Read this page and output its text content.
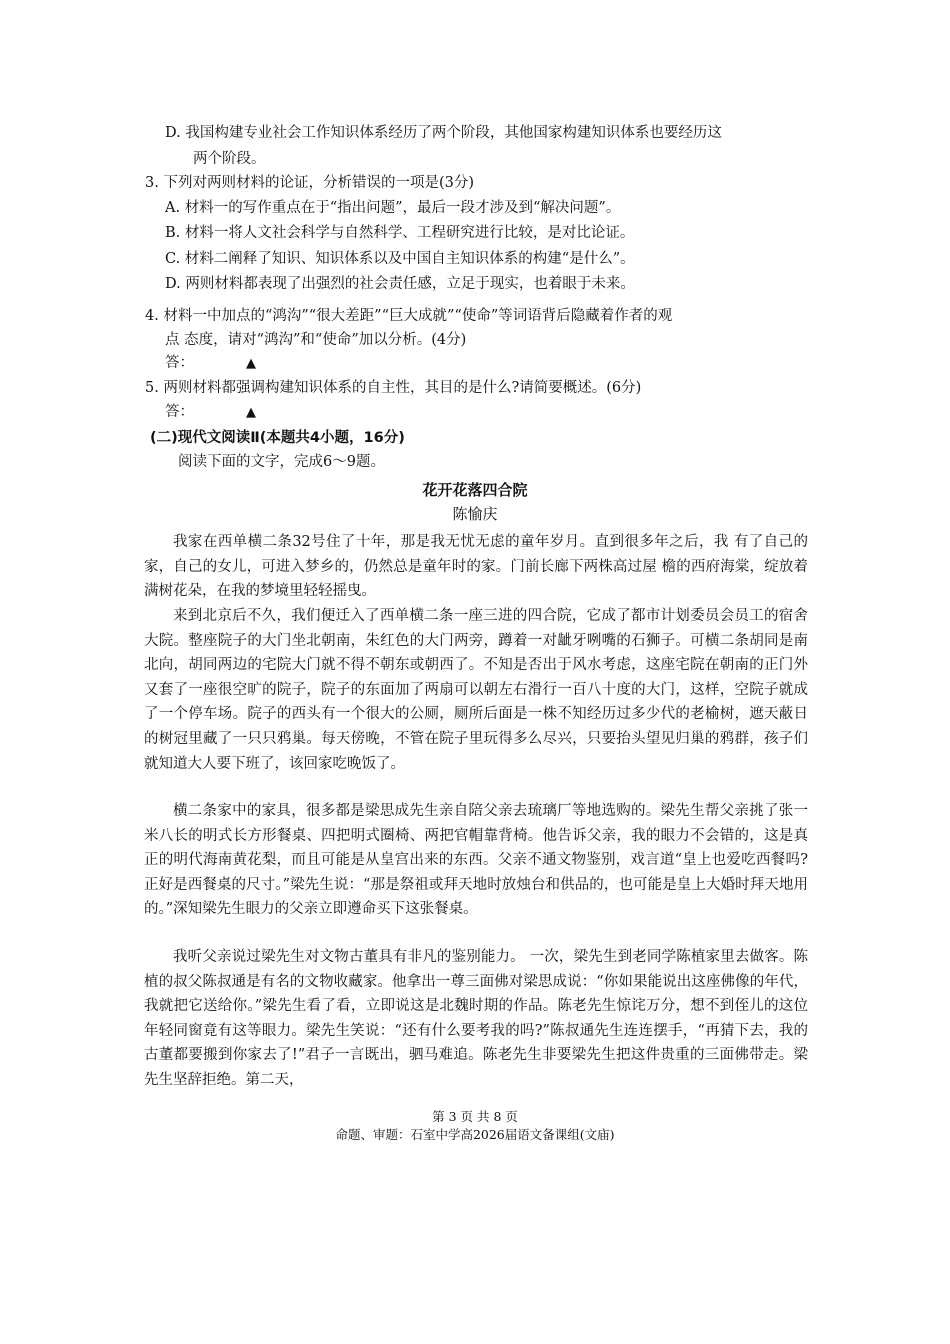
D. 我国构建专业社会工作知识体系经历了两个阶段，其他国家构建知识体系也要经历这
两个阶段。
3. 下列对两则材料的论证，分析错误的一项是(3分)
A. 材料一的写作重点在于“指出问题”，最后一段才涉及到“解决问题”。
B. 材料一将人文社会科学与自然科学、工程研究进行比较，是对比论证。
C. 材料二阐释了知识、知识体系以及中国自主知识体系的构建“是什么”。
D. 两则材料都表现了出强烈的社会责任感，立足于现实，也着眼于未来。
4. 材料一中加点的“鸿沟”“很大差距”“巨大成就”“使命”等词语背后隐藏着作者的观
点 态度，请对“鸿沟”和“使命”加以分析。(4分)
答：	▲
5. 两则材料都强调构建知识体系的自主性，其目的是什么?请简要概述。(6分)
答：	▲
(二)现代文阅读Ⅱ(本题共4小题，16分)
阅读下面的文字，完成6～9题。
花开花落四合院
陈愉庆
我家在西单横二条32号住了十年，那是我无忧无虑的童年岁月。直到很多年之后，我 有了自己的家，自己的女儿，可进入梦乡的，仍然总是童年时的家。门前长廊下两株高过屋 檐的西府海棠，绽放着满树花朵，在我的梦境里轻轻摇曳。
来到北京后不久，我们便迁入了西单横二条一座三进的四合院，它成了都市计划委员会员工的宿舍大院。整座院子的大门坐北朝南，朱红色的大门两旁，蹲着一对龇牙咧嘴的石狮子。可横二条胡同是南北向，胡同两边的宅院大门就不得不朝东或朝西了。不知是否出于风水考虑，这座宅院在朝南的正门外又套了一座很空旷的院子，院子的东面加了两扇可以朝左右滑行一百八十度的大门，这样，空院子就成了一个停车场。院子的西头有一个很大的公厕，厕所后面是一株不知经历过多少代的老榆树，遮天蔽日的树冠里藏了一只只鸦巢。每天傍晚，不管在院子里玩得多么尽兴，只要抬头望见归巢的鸦群，孩子们就知道大人要下班了，该回家吃晚饭了。
横二条家中的家具，很多都是梁思成先生亲自陪父亲去琉璃厂等地选购的。梁先生帮父亲挑了张一米八长的明式长方形餐桌、四把明式圈椅、两把官帽靠背椅。他告诉父亲，我的眼力不会错的，这是真正的明代海南黄花梨，而且可能是从皇宫出来的东西。父亲不通文物鉴别，戏言道“皇上也爱吃西餐吗?正好是西餐桌的尺寸。”梁先生说：“那是祭祖或拜天地时放烛台和供品的，也可能是皇上大婚时拜天地用的。”深知梁先生眼力的父亲立即遵命买下这张餐桌。
我听父亲说过梁先生对文物古董具有非凡的鉴别能力。 一次，梁先生到老同学陈植家里去做客。陈植的叔父陈叔通是有名的文物收藏家。他拿出一尊三面佛对梁思成说：“你如果能说出这座佛像的年代，我就把它送给你。”梁先生看了看，立即说这是北魏时期的作品。陈老先生惊诧万分，想不到侄儿的这位年轻同窗竟有这等眼力。梁先生笑说：“还有什么要考我的吗?”陈叔通先生连连摆手，“再猜下去，我的古董都要搬到你家去了!”君子一言既出，驷马难追。陈老先生非要梁先生把这件贵重的三面佛带走。梁先生坚辞拒绝。第二天，
第 3 页 共 8 页
命题、审题：石室中学高2026届语文备课组(文庙)
